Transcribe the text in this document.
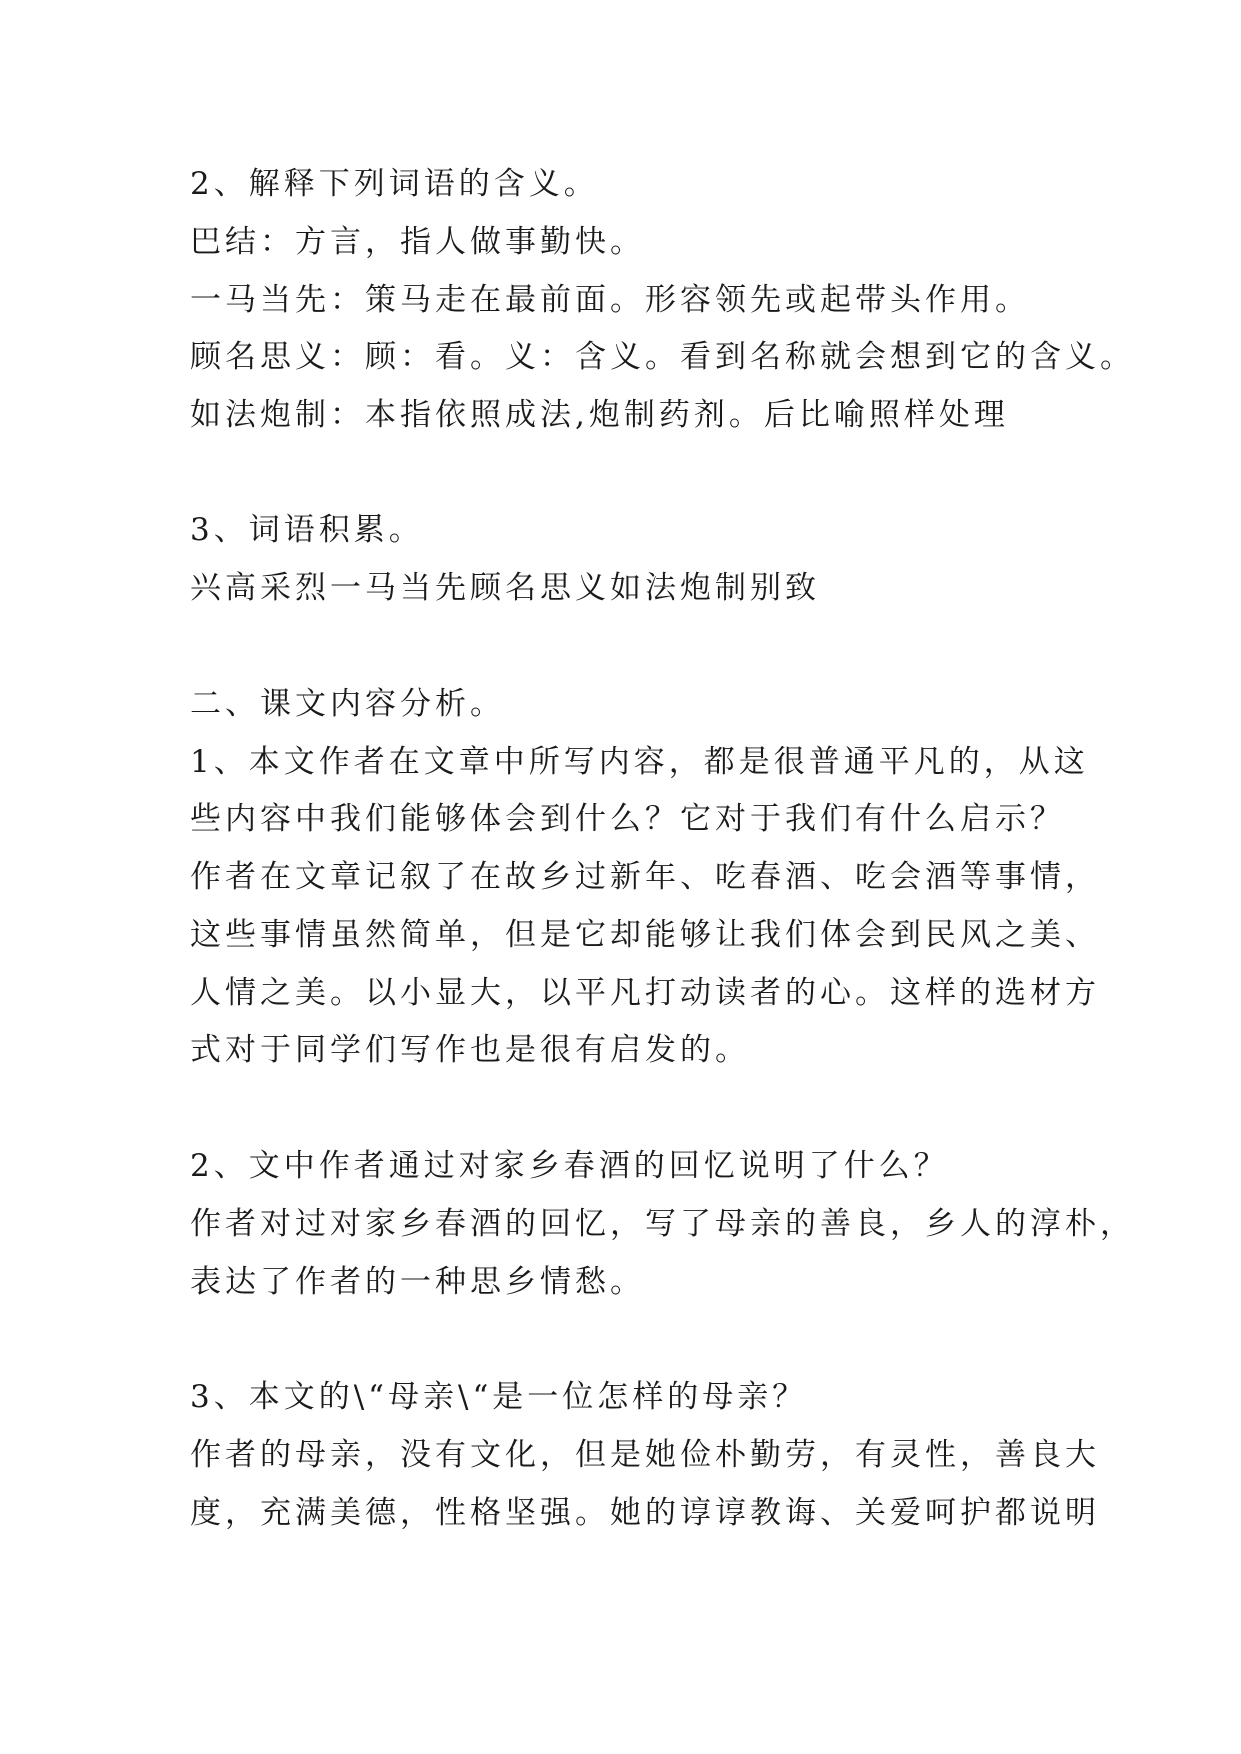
2、解释下列词语的含义。
巴结：方言，指人做事勤快。
一马当先：策马走在最前面。形容领先或起带头作用。
顾名思义：顾：看。义：含义。看到名称就会想到它的含义。
如法炮制：本指依照成法,炮制药剂。后比喻照样处理
3、词语积累。
兴高采烈一马当先顾名思义如法炮制别致
二、课文内容分析。
1、本文作者在文章中所写内容，都是很普通平凡的，从这
些内容中我们能够体会到什么？它对于我们有什么启示？
作者在文章记叙了在故乡过新年、吃春酒、吃会酒等事情，
这些事情虽然简单，但是它却能够让我们体会到民风之美、
人情之美。以小显大，以平凡打动读者的心。这样的选材方
式对于同学们写作也是很有启发的。
2、文中作者通过对家乡春酒的回忆说明了什么？
作者对过对家乡春酒的回忆，写了母亲的善良，乡人的淳朴，
表达了作者的一种思乡情愁。
3、本文的\“母亲\“是一位怎样的母亲？
作者的母亲，没有文化，但是她俭朴勤劳，有灵性，善良大
度，充满美德，性格坚强。她的谆谆教诲、关爱呵护都说明
